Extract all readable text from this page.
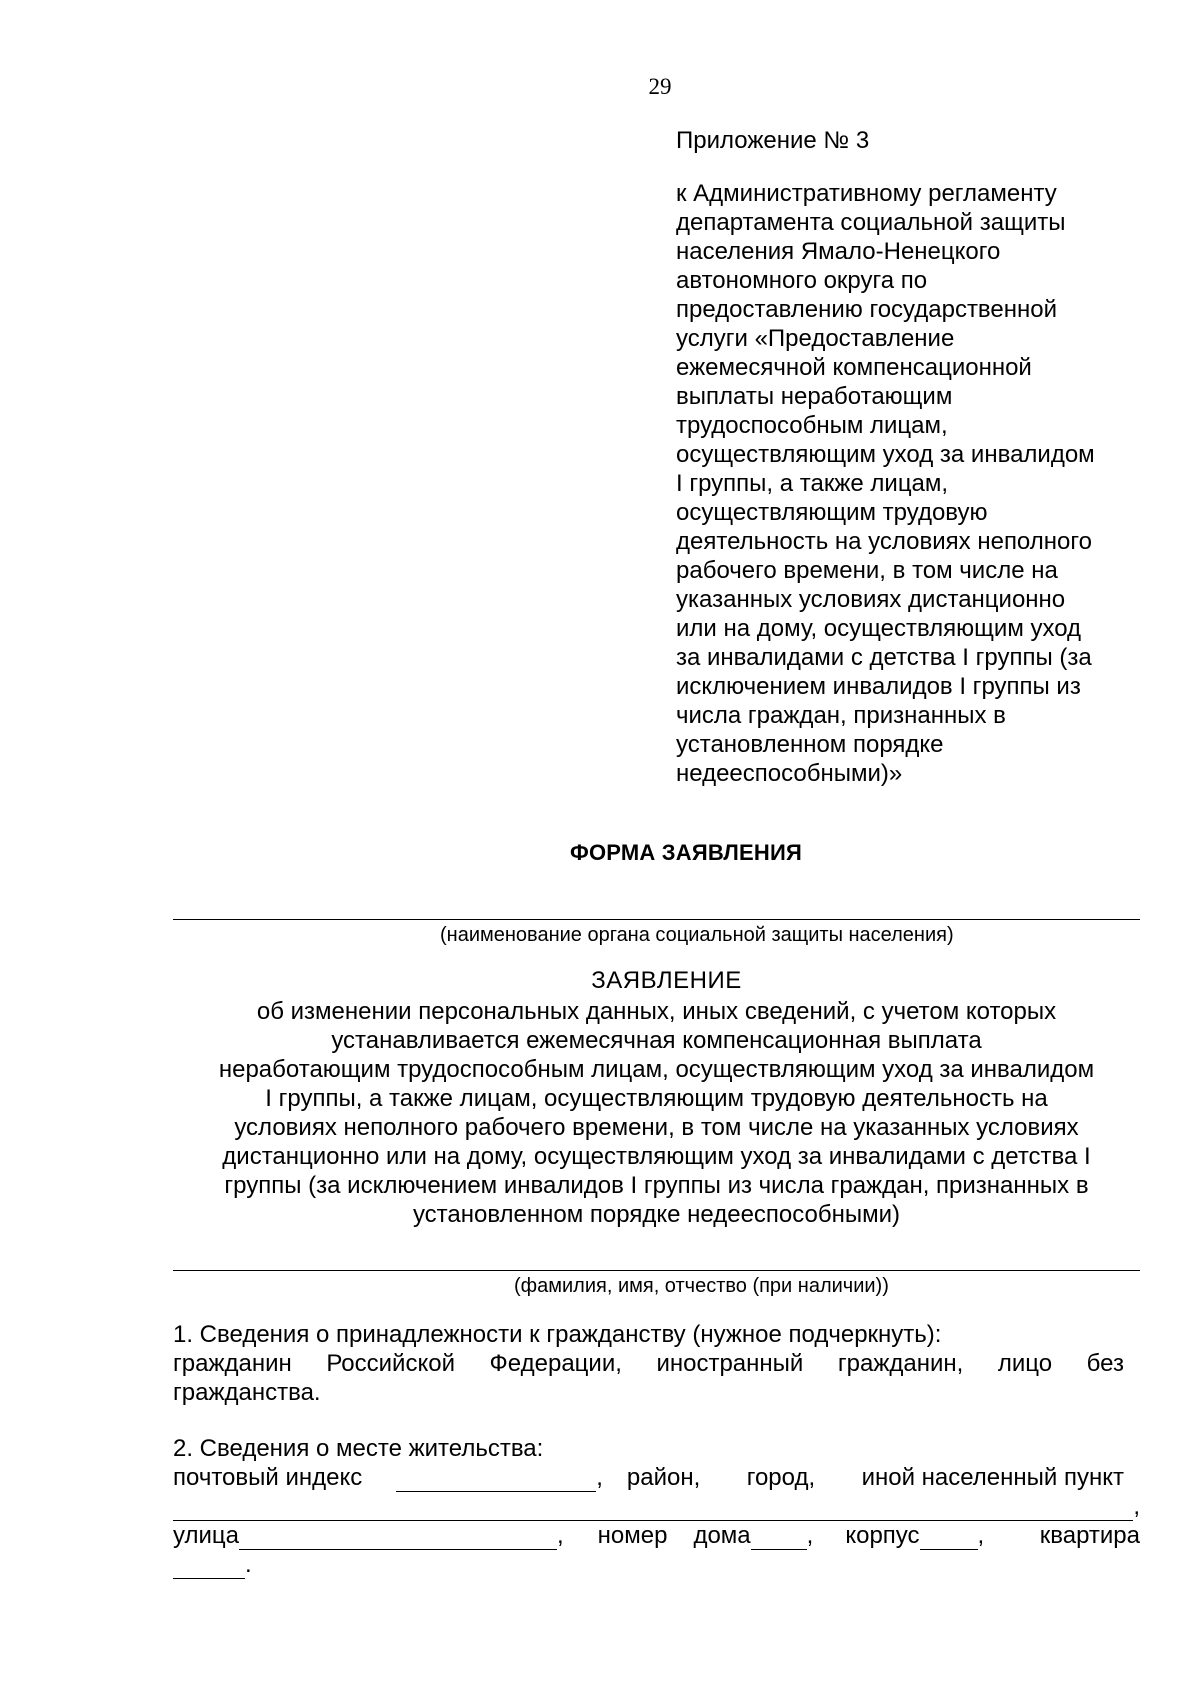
29
Приложение № 3
к Административному регламенту
департамента социальной защиты
населения Ямало-Ненецкого
автономного округа по
предоставлению государственной
услуги «Предоставление
ежемесячной компенсационной
выплаты неработающим
трудоспособным лицам,
осуществляющим уход за инвалидом
I группы, а также лицам,
осуществляющим трудовую
деятельность на условиях неполного
рабочего времени, в том числе на
указанных условиях дистанционно
или на дому, осуществляющим уход
за инвалидами с детства I группы (за
исключением инвалидов I группы из
числа граждан, признанных в
установленном порядке
недееспособными)»
ФОРМА ЗАЯВЛЕНИЯ
(наименование органа социальной защиты населения)
ЗАЯВЛЕНИЕ
об изменении персональных данных, иных сведений, с учетом которых
устанавливается ежемесячная компенсационная выплата
неработающим трудоспособным лицам, осуществляющим уход за инвалидом
I группы, а также лицам, осуществляющим трудовую деятельность на
условиях неполного рабочего времени, в том числе на указанных условиях
дистанционно или на дому, осуществляющим уход за инвалидами с детства I
группы (за исключением инвалидов I группы из числа граждан, признанных в
установленном порядке недееспособными)
(фамилия, имя, отчество (при наличии))
1. Сведения о принадлежности к гражданству (нужное подчеркнуть):
гражданин Российской Федерации, иностранный гражданин, лицо без
гражданства.
2. Сведения о месте жительства:
почтовый индекс	, район, город, иной населенный пункт
,
улица	, номер дома , корпус , квартира
.
